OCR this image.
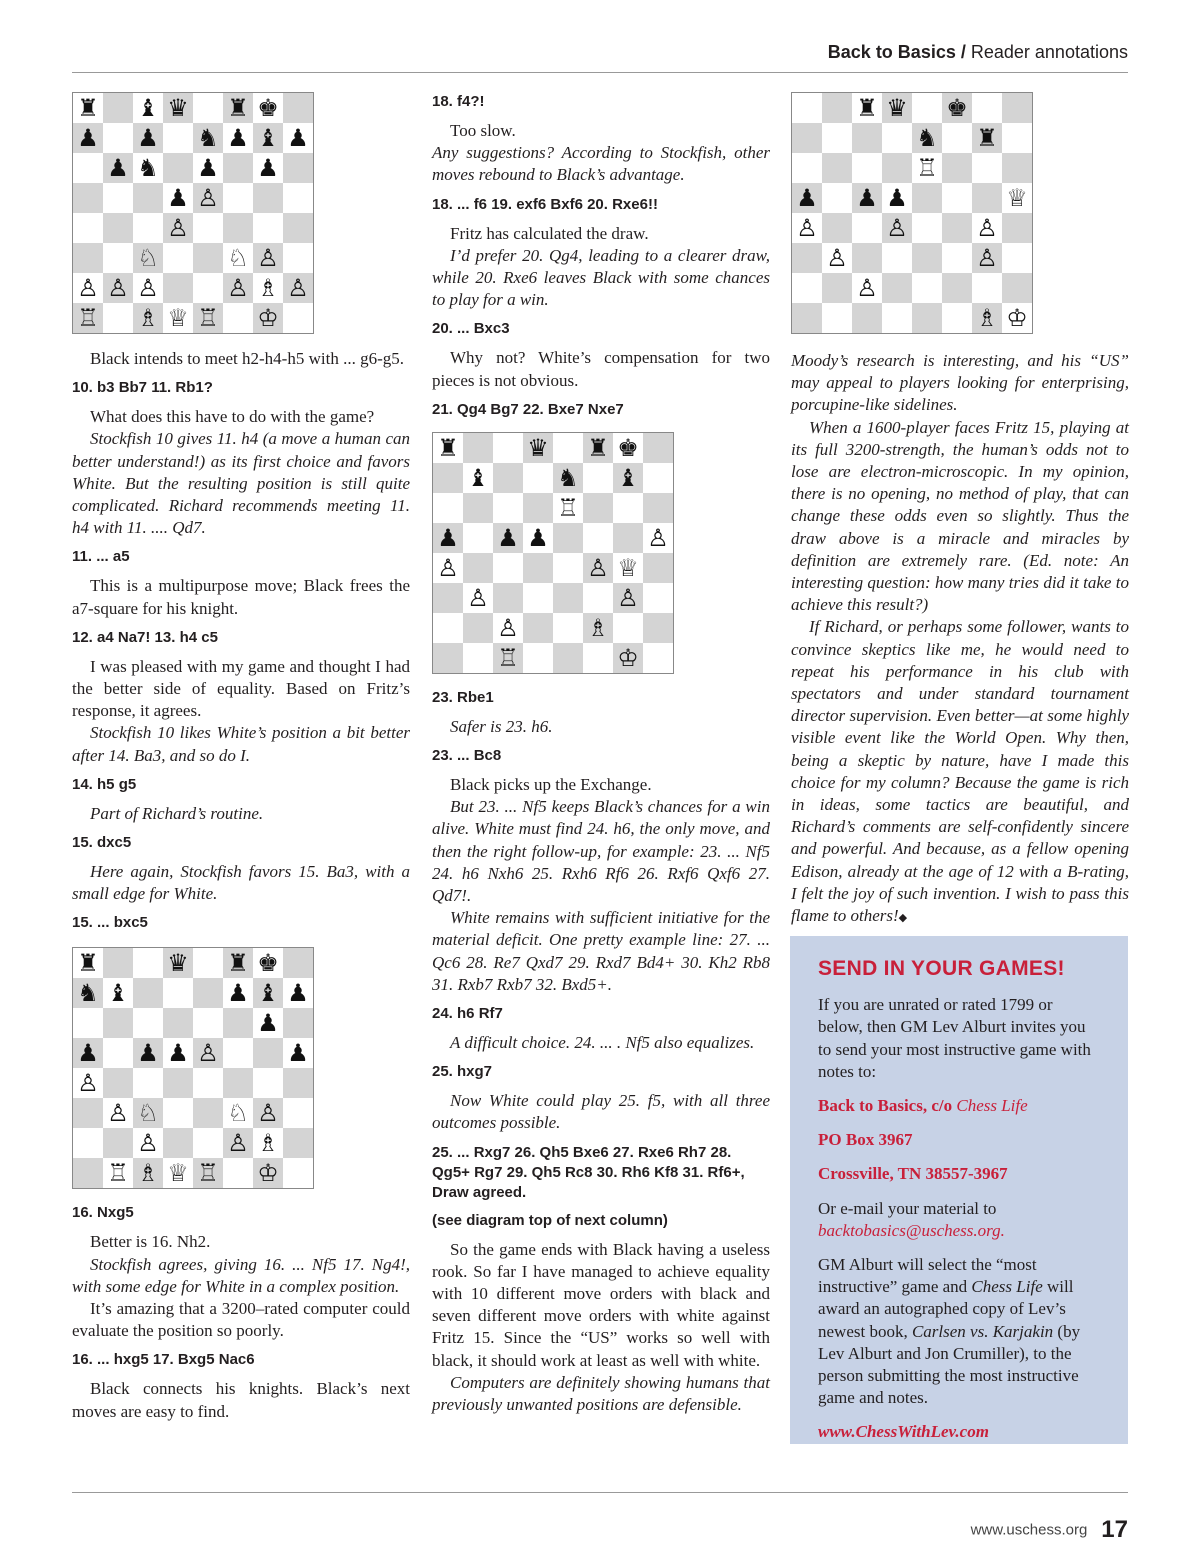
Back to Basics / Reader annotations
♜ ♝ ♛ ♜ ♚
♟ ♟ ♞ ♟ ♝ ♟
♟ ♞ ♟ ♟
♟ ♙
♙
♘	♘ ♙
♙ ♙ ♙	♙ ♗ ♙
♖ ♗ ♕ ♖ ♔

Black intends to meet h2-h4-h5 with ... g6-g5.

10. b3 Bb7 11. Rb1?

What does this have to do with the game?

Stockfish 10 gives 11. h4 (a move a human can better understand!) as its first choice and favors White. But the resulting position is still quite complicated. Richard recommends meeting 11. h4 with 11. .... Qd7.

11. ... a5

This is a multipurpose move; Black frees the a7-square for his knight.

12. a4 Na7! 13. h4 c5

I was pleased with my game and thought I had the better side of equality. Based on Fritz’s response, it agrees.

Stockfish 10 likes White’s position a bit better after 14. Ba3, and so do I.

14. h5 g5

Part of Richard’s routine.

15. dxc5

Here again, Stockfish favors 15. Ba3, with a small edge for White.

15. ... bxc5
♜	♛ ♜ ♚
♞ ♝	♟ ♝ ♟
♟
♟ ♟ ♟ ♙	♟
♙
♙ ♘	♘ ♙
♙	♙ ♗
♖ ♗ ♕ ♖ ♔
16. Nxg5

Better is 16. Nh2.

Stockfish agrees, giving 16. ... Nf5 17. Ng4!, with some edge for White in a complex position.

It’s amazing that a 3200–rated computer could evaluate the position so poorly.

16. ... hxg5 17. Bxg5 Nac6

Black connects his knights. Black’s next moves are easy to find.

18. f4?!

Too slow.

Any suggestions? According to Stockfish, other moves rebound to Black’s advantage.

18. ... f6 19. exf6 Bxf6 20. Rxe6!!

Fritz has calculated the draw.

I’d prefer 20. Qg4, leading to a clearer draw, while 20. Rxe6 leaves Black with some chances to play for a win.

20. ... Bxc3

Why not? White’s compensation for two pieces is not obvious.

21. Qg4 Bg7 22. Bxe7 Nxe7
♜	♛ ♜ ♚
♝	♞ ♝
♖
♟ ♟ ♟	♙
♙	♙ ♕
♙	♙
♙	♗
♖	♔
23. Rbe1

Safer is 23. h6.

23. ... Bc8

Black picks up the Exchange.

But 23. ... Nf5 keeps Black’s chances for a win alive. White must find 24. h6, the only move, and then the right follow-up, for example: 23. ... Nf5 24. h6 Nxh6 25. Rxh6 Rf6 26. Rxf6 Qxf6 27. Qd7!.

White remains with sufficient initiative for the material deficit. One pretty example line: 27. ... Qc6 28. Re7 Qxd7 29. Rxd7 Bd4+ 30. Kh2 Rb8 31. Rxb7 Rxb7 32. Bxd5+.

24. h6 Rf7

A difficult choice. 24. ... . Nf5 also equalizes.

25. hxg7

Now White could play 25. f5, with all three outcomes possible.

25. ... Rxg7 26. Qh5 Bxe6 27. Rxe6 Rh7 28. Qg5+ Rg7 29. Qh5 Rc8 30. Rh6 Kf8 31. Rf6+, Draw agreed.
(see diagram top of next column)

So the game ends with Black having a useless rook. So far I have managed to achieve equality with 10 different move orders with black and seven different move orders with white against Fritz 15. Since the “US” works so well with black, it should work at least as well with white.

Computers are definitely showing humans that previously unwanted positions are defensible.

♜ ♛ ♚
♞ ♜
♖
♟ ♟ ♟	♕
♙	♙	♙
♙	♙
♙
♗ ♔

Moody’s research is interesting, and his “US” may appeal to players looking for enterprising, porcupine-like sidelines.

When a 1600-player faces Fritz 15, playing at its full 3200-strength, the human’s odds not to lose are electron-microscopic. In my opinion, there is no opening, no method of play, that can change these odds even so slightly. Thus the draw above is a miracle and miracles by definition are extremely rare. (Ed. note: An interesting question: how many tries did it take to achieve this result?)

If Richard, or perhaps some follower, wants to convince skeptics like me, he would need to repeat his performance in his club with spectators and under standard tournament director supervision. Even better—at some highly visible event like the World Open. Why then, being a skeptic by nature, have I made this choice for my column? Because the game is rich in ideas, some tactics are beautiful, and Richard’s comments are self-confidently sincere and powerful. And because, as a fellow opening Edison, already at the age of 12 with a B-rating, I felt the joy of such invention. I wish to pass this flame to others!◆

SEND IN YOUR GAMES!

If you are unrated or rated 1799 or below, then GM Lev Alburt invites you to send your most instructive game with notes to:

Back to Basics, c/o Chess Life

PO Box 3967

Crossville, TN 38557-3967

Or e-mail your material to

backtobasics@uschess.org.

GM Alburt will select the “most instructive” game and Chess Life will award an autographed copy of Lev’s newest book, Carlsen vs. Karjakin (by Lev Alburt and Jon Crumiller), to the person submitting the most instructive game and notes.

www.ChessWithLev.com

www.uschess.org 17
